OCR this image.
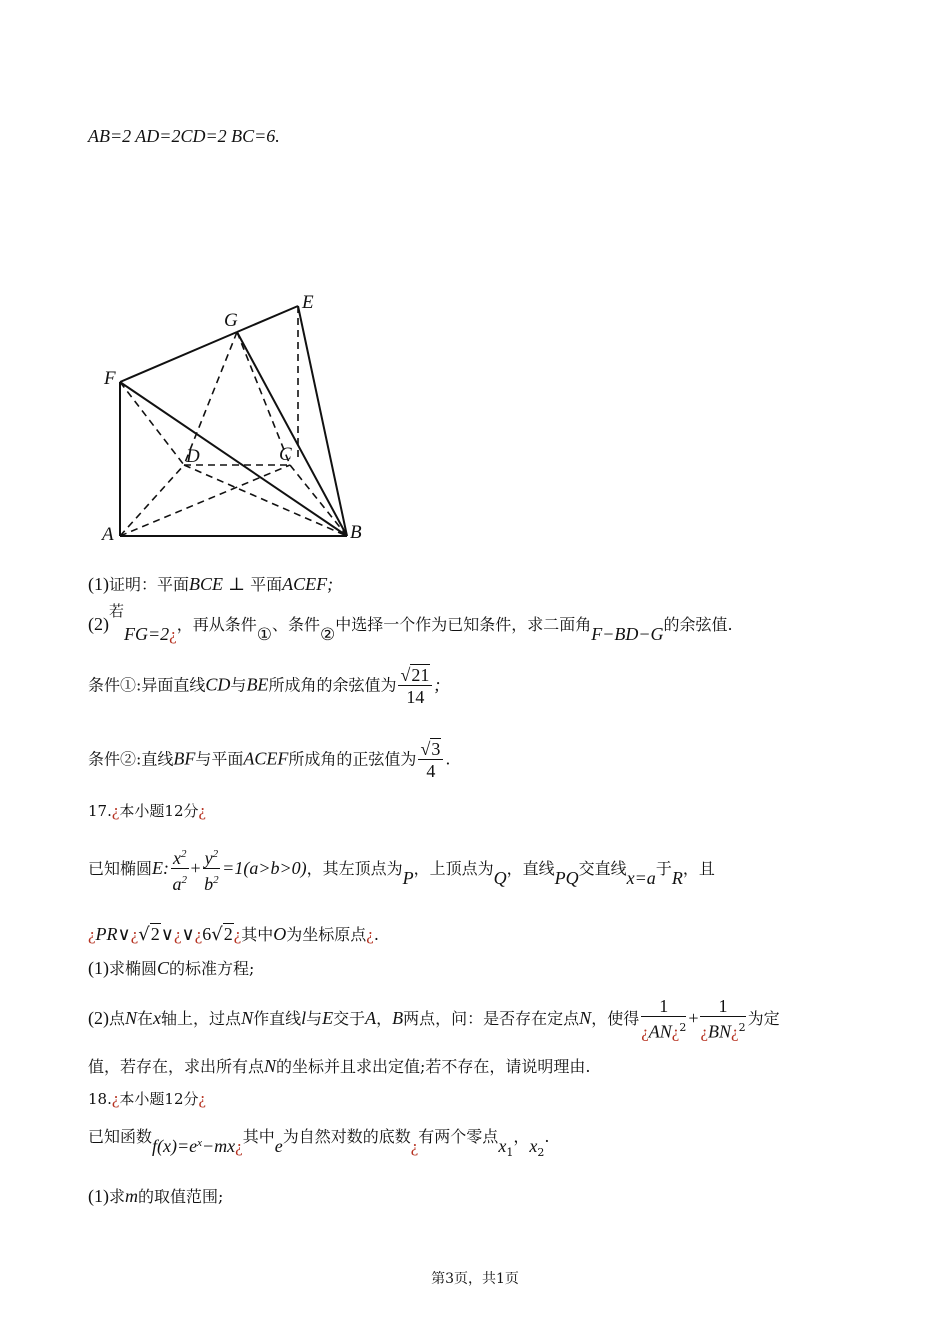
AB=2 AD=2CD=2 BC=6.
F
G
E
D	C
A	B
(1)证明：平面BCE ⊥ 平面ACEF;
(2)若FG=2¿，再从条件①、条件②中选择一个作为已知条件，求二面角F−BD−G的余弦值.
条件①:异面直线CD与BE所成角的余弦值为 $\frac{√21}{14}$ ;
条件②:直线BF与平面ACEF所成角的正弦值为 $\frac{√3}{4}$ .
17.¿本小题12分¿
已知椭圆E: $\frac{x^2}{a^2} + \frac{y^2}{b^2} =1(a>b>0)$，其左顶点为P，上顶点为Q，直线PQ交直线x=a于R，且
¿PR∨¿√2∨¿∨¿6√2¿其中O为坐标原点¿.
(1)求椭圆C的标准方程;
(2)点N在x轴上，过点N作直线l与E交于A，B两点，问：是否存在定点N，使得 $\frac{1}{¿AN¿^2} + \frac{1}{¿BN¿^2}$ 为定
值，若存在，求出所有点N的坐标并且求出定值;若不存在，请说明理由.
18.¿本小题12分¿
已知函数$f(x)=e^x-mx¿$其中e为自然对数的底数¿有两个零点$x_1$，$x_2$.
(1)求m的取值范围;
第3页，共1页
